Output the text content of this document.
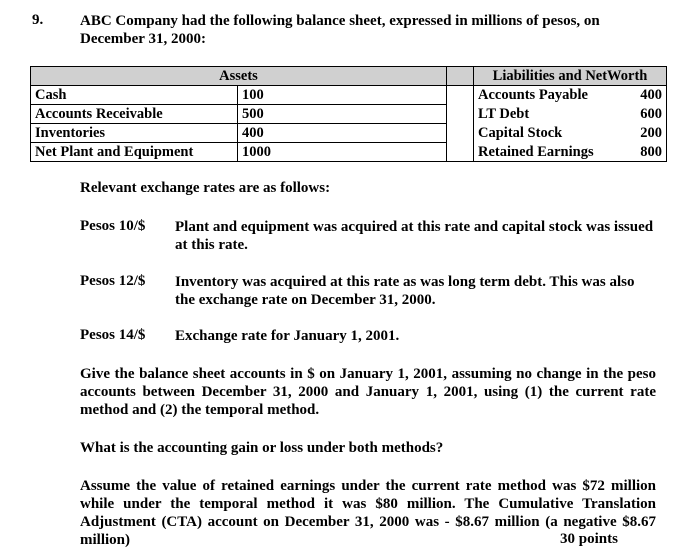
9. ABC Company had the following balance sheet, expressed in millions of pesos, on December 31, 2000:
Assets			Liabilities and NetWorth
Cash	100		Accounts Payable 400

Accounts Receivable	500		LT Debt 600

Inventories	400		Capital Stock 200

Net Plant and Equipment	1000		Retained Earnings 800
Relevant exchange rates are as follows:
Pesos 10/$ Plant and equipment was acquired at this rate and capital stock was issued at this rate.
Pesos 12/$ Inventory was acquired at this rate as was long term debt. This was also the exchange rate on December 31, 2000.
Pesos 14/$ Exchange rate for January 1, 2001.
Give the balance sheet accounts in $ on January 1, 2001, assuming no change in the peso accounts between December 31, 2000 and January 1, 2001, using (1) the current rate method and (2) the temporal method.
What is the accounting gain or loss under both methods?
Assume the value of retained earnings under the current rate method was $72 million while under the temporal method it was $80 million. The Cumulative Translation Adjustment (CTA) account on December 31, 2000 was - $8.67 million (a negative $8.67 million)	30 points
